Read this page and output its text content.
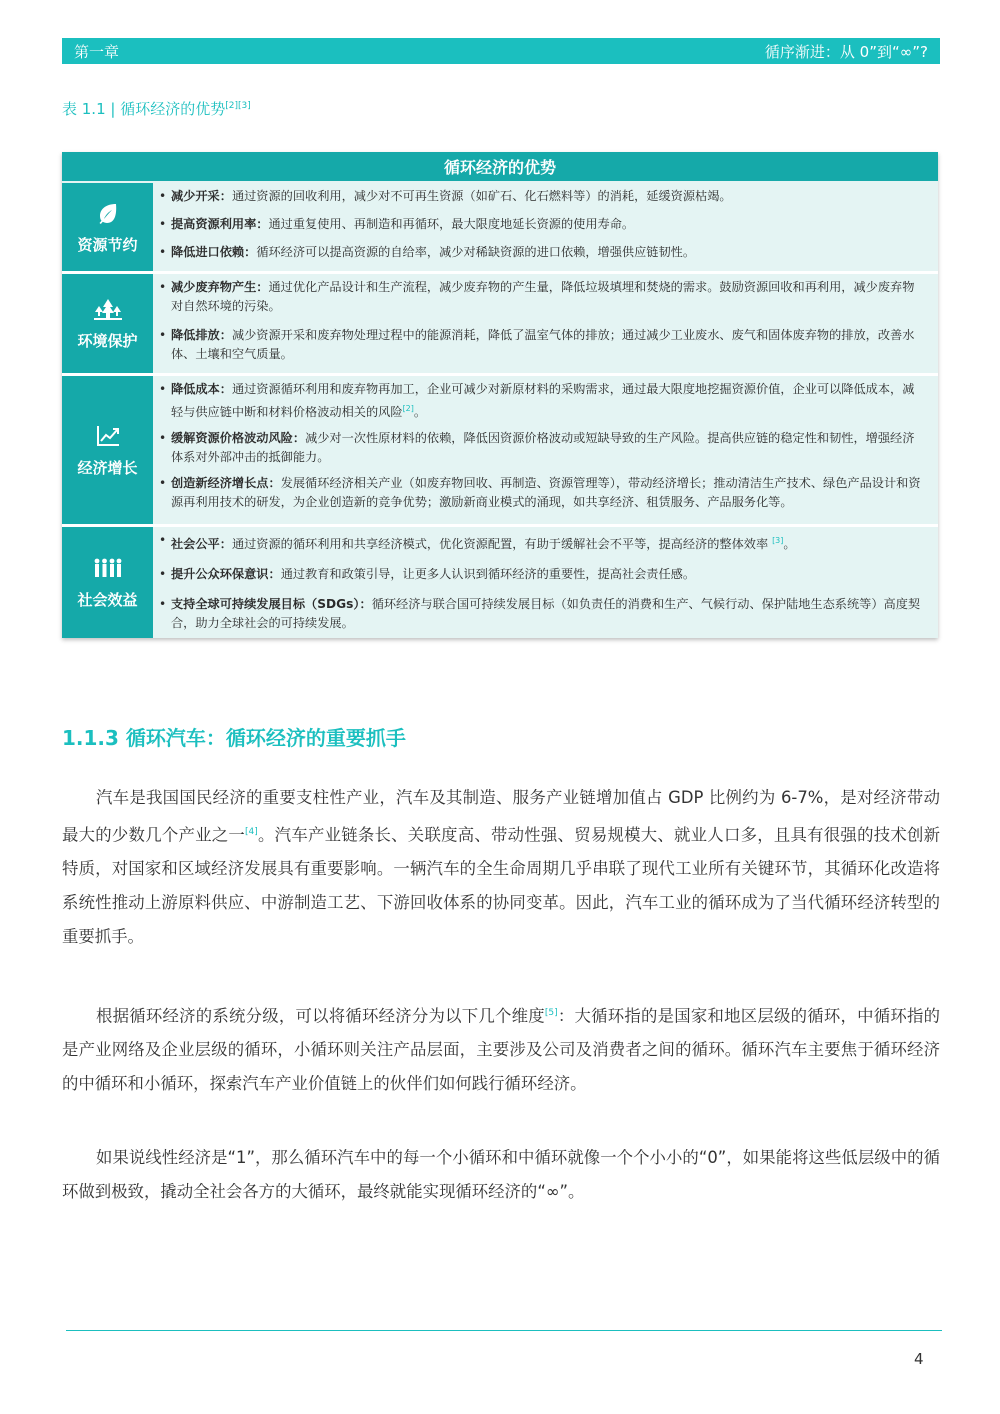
第一章	循序渐进：从 0”到“∞”?
表 1.1 | 循环经济的优势[2][3]
循环经济的优势
资源节约
• 减少开采：通过资源的回收利用，减少对不可再生资源（如矿石、化石燃料等）的消耗，延缓资源枯竭。
• 提高资源利用率：通过重复使用、再制造和再循环，最大限度地延长资源的使用寿命。
• 降低进口依赖：循环经济可以提高资源的自给率，减少对稀缺资源的进口依赖，增强供应链韧性。
环境保护
• 减少废弃物产生：通过优化产品设计和生产流程，减少废弃物的产生量，降低垃圾填埋和焚烧的需求。鼓励资源回收和再利用，减少废弃物对自然环境的污染。
• 降低排放：减少资源开采和废弃物处理过程中的能源消耗，降低了温室气体的排放；通过减少工业废水、废气和固体废弃物的排放，改善水体、土壤和空气质量。
经济增长
• 降低成本：通过资源循环利用和废弃物再加工，企业可减少对新原材料的采购需求，通过最大限度地挖掘资源价值，企业可以降低成本，减轻与供应链中断和材料价格波动相关的风险[2]。
• 缓解资源价格波动风险：减少对一次性原材料的依赖，降低因资源价格波动或短缺导致的生产风险。提高供应链的稳定性和韧性，增强经济体系对外部冲击的抵御能力。
• 创造新经济增长点：发展循环经济相关产业（如废弃物回收、再制造、资源管理等），带动经济增长；推动清洁生产技术、绿色产品设计和资源再利用技术的研发，为企业创造新的竞争优势；激励新商业模式的涌现，如共享经济、租赁服务、产品服务化等。
社会效益
• 社会公平：通过资源的循环利用和共享经济模式，优化资源配置，有助于缓解社会不平等，提高经济的整体效率 [3]。
• 提升公众环保意识：通过教育和政策引导，让更多人认识到循环经济的重要性，提高社会责任感。
• 支持全球可持续发展目标（SDGs）：循环经济与联合国可持续发展目标（如负责任的消费和生产、气候行动、保护陆地生态系统等）高度契合，助力全球社会的可持续发展。
1.1.3 循环汽车：循环经济的重要抓手
汽车是我国国民经济的重要支柱性产业，汽车及其制造、服务产业链增加值占 GDP 比例约为 6-7%，是对经济带动最大的少数几个产业之一[4]。汽车产业链条长、关联度高、带动性强、贸易规模大、就业人口多，且具有很强的技术创新特质，对国家和区域经济发展具有重要影响。一辆汽车的全生命周期几乎串联了现代工业所有关键环节，其循环化改造将系统性推动上游原料供应、中游制造工艺、下游回收体系的协同变革。因此，汽车工业的循环成为了当代循环经济转型的重要抓手。
根据循环经济的系统分级，可以将循环经济分为以下几个维度[5]：大循环指的是国家和地区层级的循环，中循环指的是产业网络及企业层级的循环，小循环则关注产品层面，主要涉及公司及消费者之间的循环。循环汽车主要焦于循环经济的中循环和小循环，探索汽车产业价值链上的伙伴们如何践行循环经济。
如果说线性经济是“1”，那么循环汽车中的每一个小循环和中循环就像一个个小小的“0”，如果能将这些低层级中的循环做到极致，撬动全社会各方的大循环，最终就能实现循环经济的“∞”。
4
